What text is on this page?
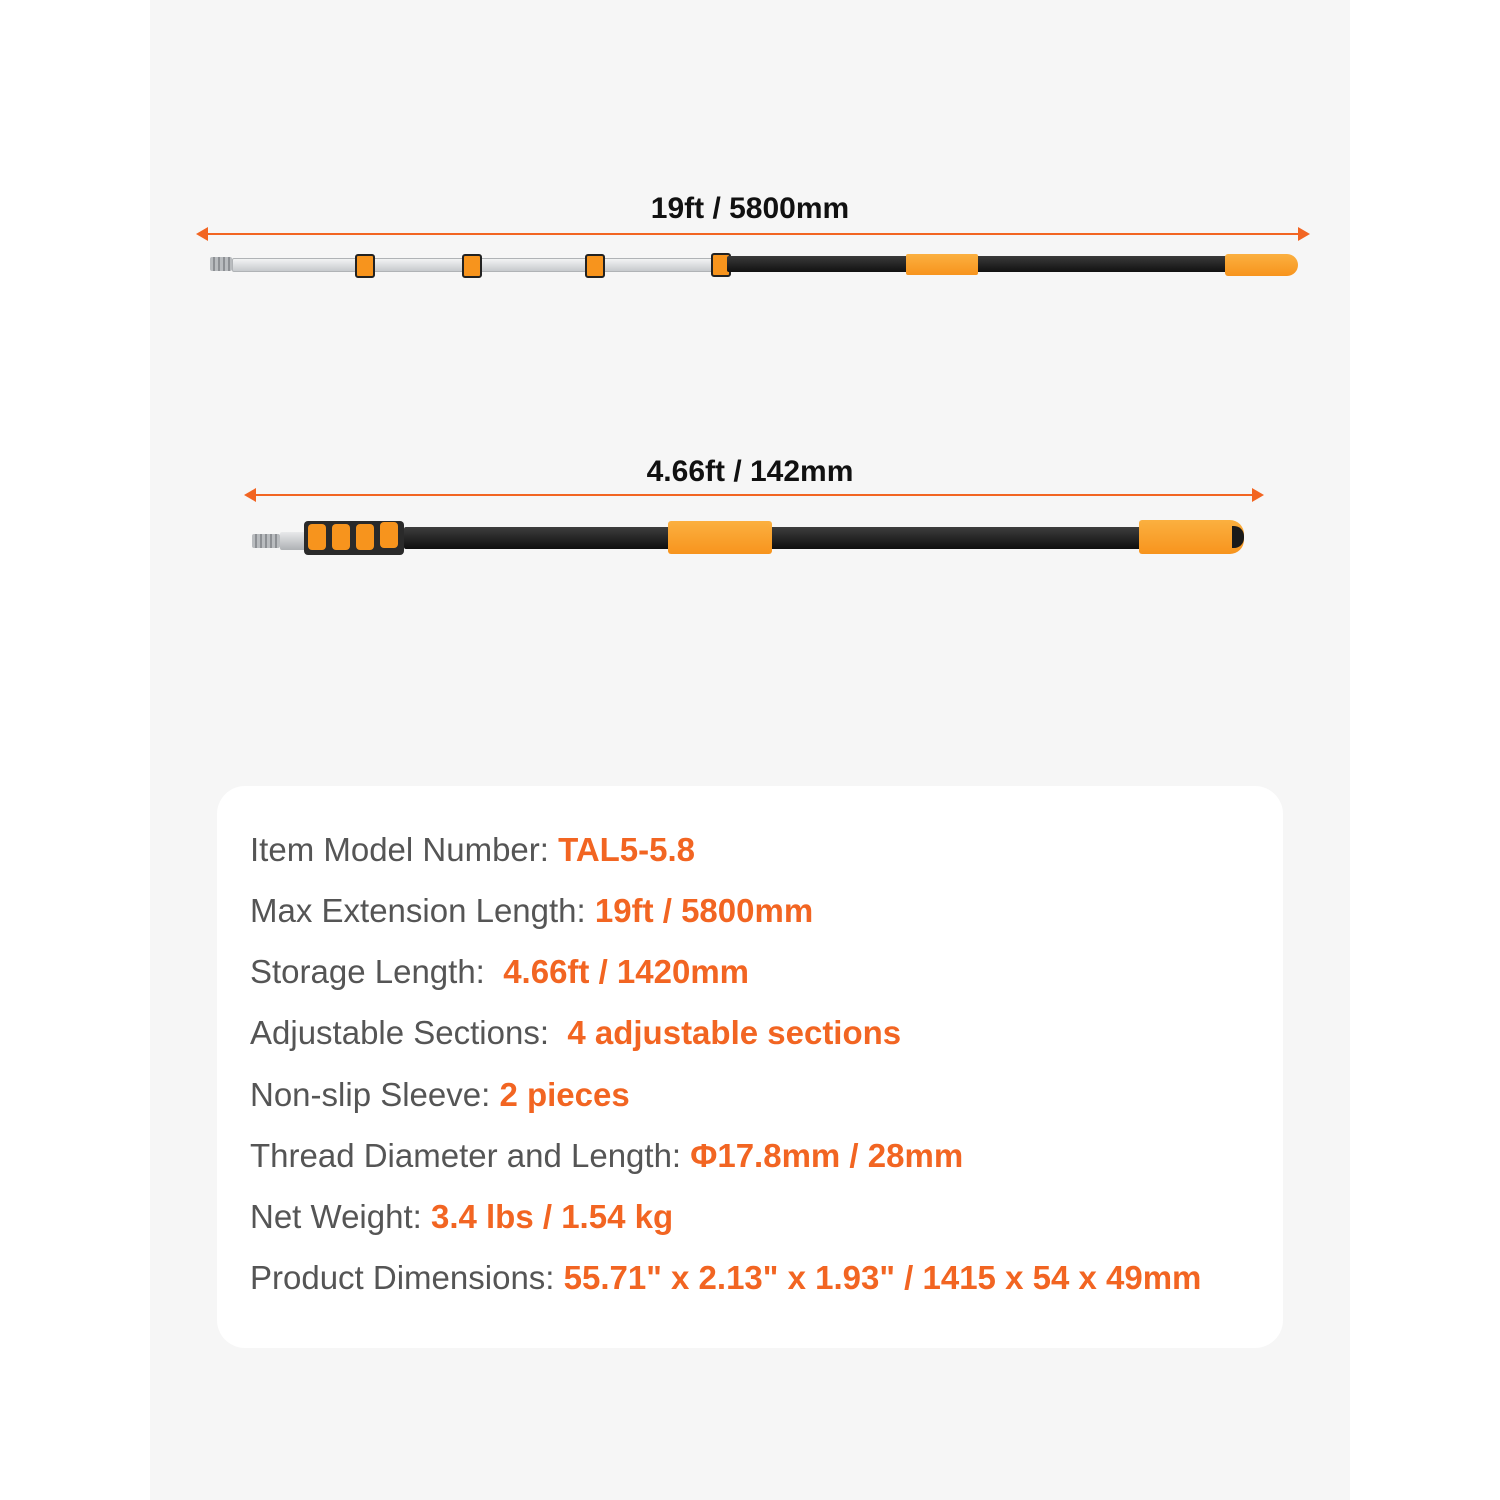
19ft / 5800mm
4.66ft / 142mm
Item Model Number: TAL5-5.8
Max Extension Length: 19ft / 5800mm
Storage Length:  4.66ft / 1420mm
Adjustable Sections:  4 adjustable sections
Non-slip Sleeve: 2 pieces
Thread Diameter and Length: Φ17.8mm / 28mm
Net Weight: 3.4 lbs / 1.54 kg
Product Dimensions: 55.71" x 2.13" x 1.93" / 1415 x 54 x 49mm
